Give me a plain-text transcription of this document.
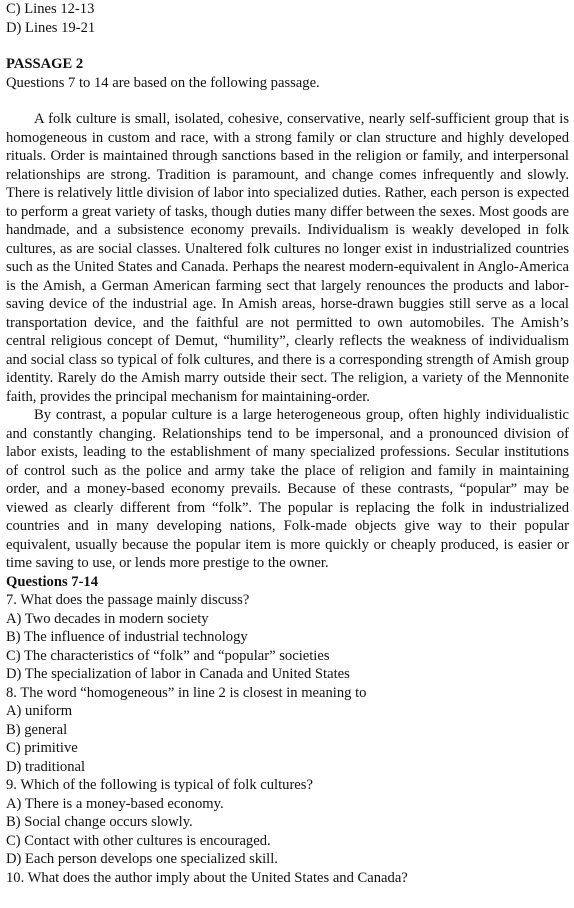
C) Lines 12-13
D) Lines 19-21
PASSAGE 2
Questions 7 to 14 are based on the following passage.

A folk culture is small, isolated, cohesive, conservative, nearly self-sufficient group that is homogeneous in custom and race, with a strong family or clan structure and highly developed rituals. Order is maintained through sanctions based in the religion or family, and interpersonal relationships are strong. Tradition is paramount, and change comes infrequently and slowly. There is relatively little division of labor into specialized duties. Rather, each person is expected to perform a great variety of tasks, though duties many differ between the sexes. Most goods are handmade, and a subsistence economy prevails. Individualism is weakly developed in folk cultures, as are social classes. Unaltered folk cultures no longer exist in industrialized countries such as the United States and Canada. Perhaps the nearest modern-equivalent in Anglo-America is the Amish, a German American farming sect that largely renounces the products and labor-saving device of the industrial age. In Amish areas, horse-drawn buggies still serve as a local transportation device, and the faithful are not permitted to own automobiles. The Amish’s central religious concept of Demut, “humility”, clearly reflects the weakness of individualism and social class so typical of folk cultures, and there is a corresponding strength of Amish group identity. Rarely do the Amish marry outside their sect. The religion, a variety of the Mennonite faith, provides the principal mechanism for maintaining-order.

By contrast, a popular culture is a large heterogeneous group, often highly individualistic and constantly changing. Relationships tend to be impersonal, and a pronounced division of labor exists, leading to the establishment of many specialized professions. Secular institutions of control such as the police and army take the place of religion and family in maintaining order, and a money-based economy prevails. Because of these contrasts, “popular” may be viewed as clearly different from “folk”. The popular is replacing the folk in industrialized countries and in many developing nations, Folk-made objects give way to their popular equivalent, usually because the popular item is more quickly or cheaply produced, is easier or time saving to use, or lends more prestige to the owner.

Questions 7-14
7. What does the passage mainly discuss?
A) Two decades in modern society
B) The influence of industrial technology
C) The characteristics of “folk” and “popular” societies
D) The specialization of labor in Canada and United States
8. The word “homogeneous” in line 2 is closest in meaning to
A) uniform
B) general
C) primitive
D) traditional
9. Which of the following is typical of folk cultures?
A) There is a money-based economy.
B) Social change occurs slowly.
C) Contact with other cultures is encouraged.
D) Each person develops one specialized skill.
10. What does the author imply about the United States and Canada?
